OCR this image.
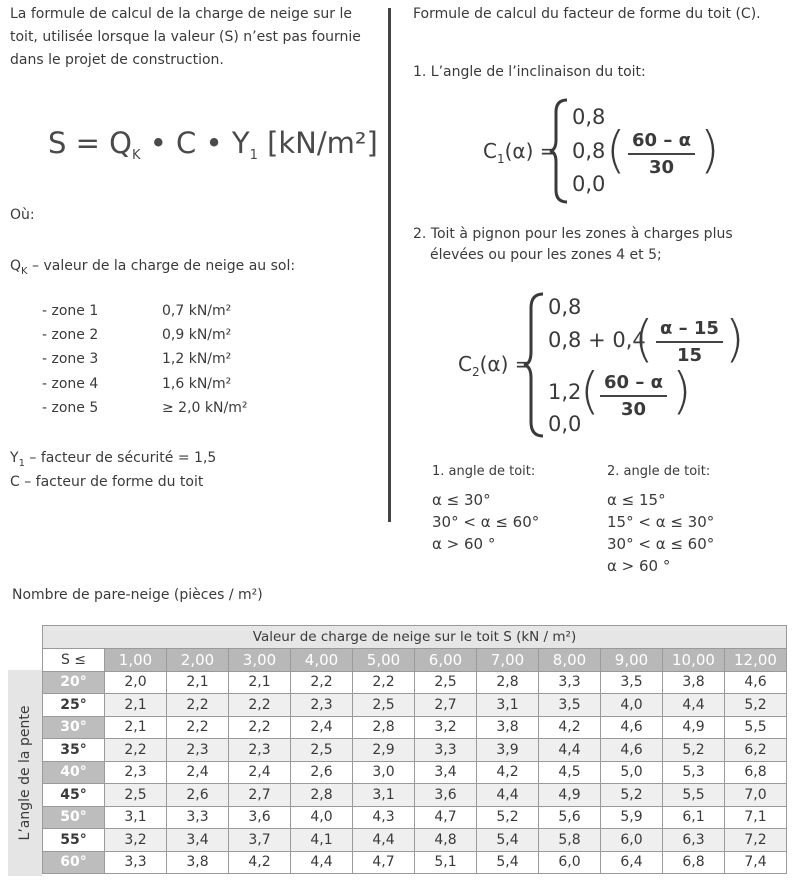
La formule de calcul de la charge de neige sur le
toit, utilisée lorsque la valeur (S) n’est pas fournie
dans le projet de construction.
$S = Q_K$ • C • $Y_1$ [kN/m²]
Où:
$Q_K$ – valeur de la charge de neige au sol:
- zone 1	0,7 kN/m²
- zone 2	0,9 kN/m²
- zone 3	1,2 kN/m²
- zone 4	1,6 kN/m²
- zone 5	≥ 2,0 kN/m²
$Y_1$ – facteur de sécurité = 1,5
C – facteur de forme du toit
Formule de calcul du facteur de forme du toit (C).
1. L’angle de l’inclinaison du toit:
$C_1(\alpha)$ =
0,8
0,8 ( $\frac{60 - \alpha}{30}$ )
0,0
2. Toit à pignon pour les zones à charges plus
élevées ou pour les zones 4 et 5;
$C_2(\alpha)$ =
0,8
0,8 + 0,4
( $\frac{\alpha - 15}{15}$ )
1,2
( $\frac{60 - \alpha}{30}$ )
0,0
1. angle de toit:
α ≤ 30°
30° < α ≤ 60°
α > 60 °
2. angle de toit:
α ≤ 15°
15° < α ≤ 30°
30° < α ≤ 60°
α > 60 °
Nombre de pare-neige (pièces / m²)
L’angle de la pente
Valeur de charge de neige sur le toit S (kN / m²)											
S ≤	1,00	2,00	3,00	4,00	5,00	6,00	7,00	8,00	9,00	10,00	12,00
20°	2,0	2,1	2,1	2,2	2,2	2,5	2,8	3,3	3,5	3,8	4,6
25°	2,1	2,2	2,2	2,3	2,5	2,7	3,1	3,5	4,0	4,4	5,2
30°	2,1	2,2	2,2	2,4	2,8	3,2	3,8	4,2	4,6	4,9	5,5
35°	2,2	2,3	2,3	2,5	2,9	3,3	3,9	4,4	4,6	5,2	6,2
40°	2,3	2,4	2,4	2,6	3,0	3,4	4,2	4,5	5,0	5,3	6,8
45°	2,5	2,6	2,7	2,8	3,1	3,6	4,4	4,9	5,2	5,5	7,0
50°	3,1	3,3	3,6	4,0	4,3	4,7	5,2	5,6	5,9	6,1	7,1
55°	3,2	3,4	3,7	4,1	4,4	4,8	5,4	5,8	6,0	6,3	7,2
60°	3,3	3,8	4,2	4,4	4,7	5,1	5,4	6,0	6,4	6,8	7,4
